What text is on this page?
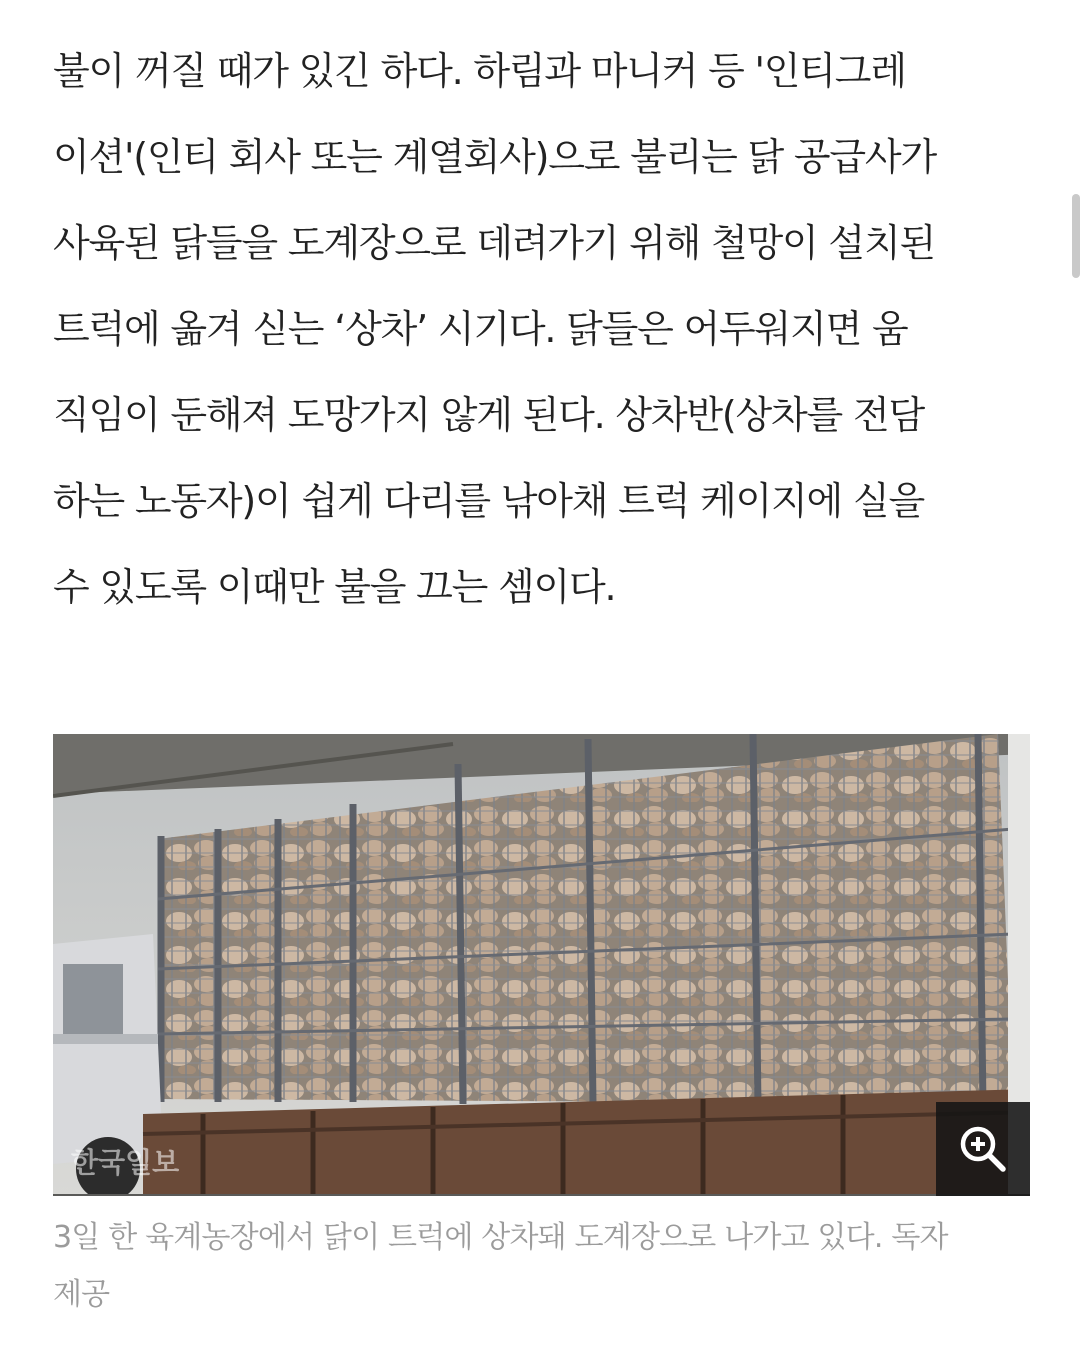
불이 꺼질 때가 있긴 하다. 하림과 마니커 등 '인티그레
이션'(인티 회사 또는 계열회사)으로 불리는 닭 공급사가
사육된 닭들을 도계장으로 데려가기 위해 철망이 설치된
트럭에 옮겨 싣는 ‘상차’ 시기다. 닭들은 어두워지면 움
직임이 둔해져 도망가지 않게 된다. 상차반(상차를 전담
하는 노동자)이 쉽게 다리를 낚아채 트럭 케이지에 실을
수 있도록 이때만 불을 끄는 셈이다.

한국일보

3일 한 육계농장에서 닭이 트럭에 상차돼 도계장으로 나가고 있다. 독자
제공
